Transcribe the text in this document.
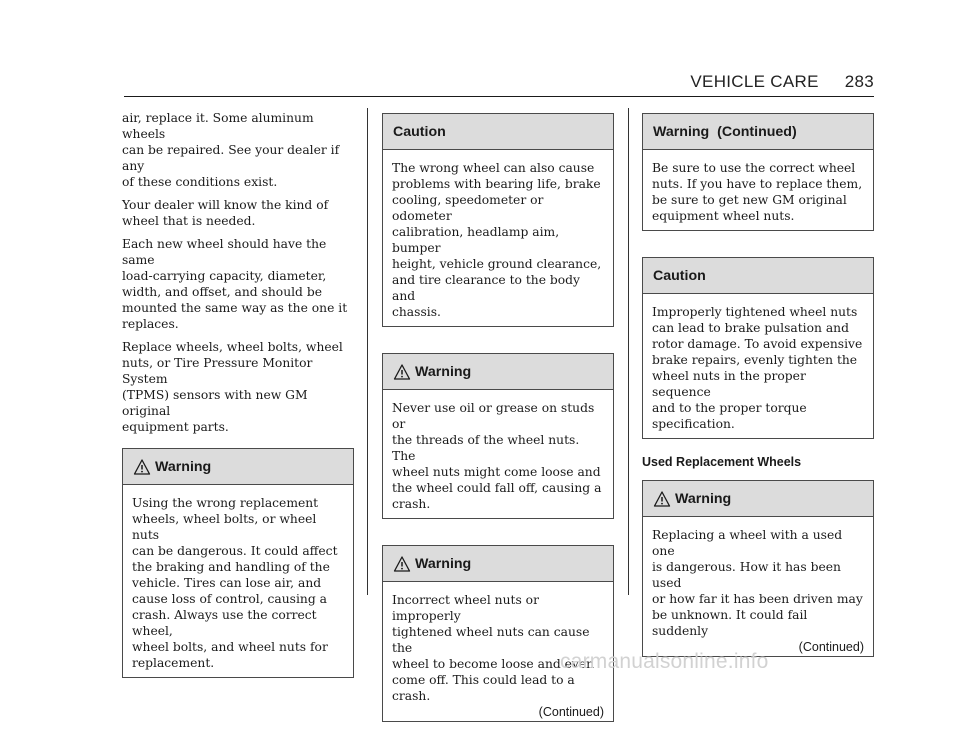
VEHICLE CARE 283

air, replace it. Some aluminum wheels
can be repaired. See your dealer if any
of these conditions exist.

Your dealer will know the kind of
wheel that is needed.

Each new wheel should have the same
load-carrying capacity, diameter,
width, and offset, and should be
mounted the same way as the one it
replaces.

Replace wheels, wheel bolts, wheel
nuts, or Tire Pressure Monitor System
(TPMS) sensors with new GM original
equipment parts.

Warning

Using the wrong replacement
wheels, wheel bolts, or wheel nuts
can be dangerous. It could affect
the braking and handling of the
vehicle. Tires can lose air, and
cause loss of control, causing a
crash. Always use the correct wheel,
wheel bolts, and wheel nuts for
replacement.

Caution

The wrong wheel can also cause
problems with bearing life, brake
cooling, speedometer or odometer
calibration, headlamp aim, bumper
height, vehicle ground clearance,
and tire clearance to the body and
chassis.

Warning

Never use oil or grease on studs or
the threads of the wheel nuts. The
wheel nuts might come loose and
the wheel could fall off, causing a
crash.

Warning

Incorrect wheel nuts or improperly
tightened wheel nuts can cause the
wheel to become loose and even
come off. This could lead to a crash.

(Continued)
Warning  (Continued)

Be sure to use the correct wheel
nuts. If you have to replace them,
be sure to get new GM original
equipment wheel nuts.

Caution

Improperly tightened wheel nuts
can lead to brake pulsation and
rotor damage. To avoid expensive
brake repairs, evenly tighten the
wheel nuts in the proper sequence
and to the proper torque
specification.

Used Replacement Wheels
Warning

Replacing a wheel with a used one
is dangerous. How it has been used
or how far it has been driven may
be unknown. It could fail suddenly

(Continued)
carmanualsonline.info
